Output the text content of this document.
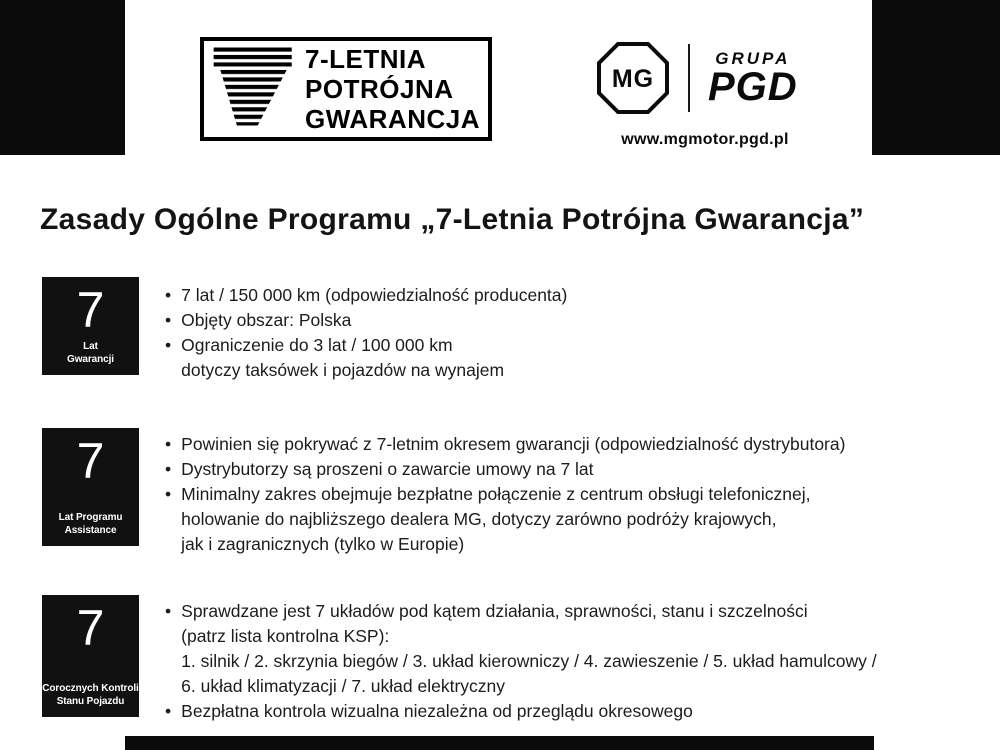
7-LETNIA
POTRÓJNA
GWARANCJA
MG
GRUPA
PGD
www.mgmotor.pgd.pl
Zasady Ogólne Programu „7-Letnia Potrójna Gwarancja”
7
Lat
Gwarancji
• 7 lat / 150 000 km (odpowiedzialność producenta)
• Objęty obszar: Polska
• Ograniczenie do 3 lat / 100 000 km
dotyczy taksówek i pojazdów na wynajem
7
Lat Programu
Assistance
• Powinien się pokrywać z 7-letnim okresem gwarancji (odpowiedzialność dystrybutora)
• Dystrybutorzy są proszeni o zawarcie umowy na 7 lat
• Minimalny zakres obejmuje bezpłatne połączenie z centrum obsługi telefonicznej,
holowanie do najbliższego dealera MG, dotyczy zarówno podróży krajowych,
jak i zagranicznych (tylko w Europie)
7
Corocznych Kontroli
Stanu Pojazdu
• Sprawdzane jest 7 układów pod kątem działania, sprawności, stanu i szczelności
(patrz lista kontrolna KSP):
1. silnik / 2. skrzynia biegów / 3. układ kierowniczy / 4. zawieszenie / 5. układ hamulcowy /
6. układ klimatyzacji / 7. układ elektryczny
• Bezpłatna kontrola wizualna niezależna od przeglądu okresowego
